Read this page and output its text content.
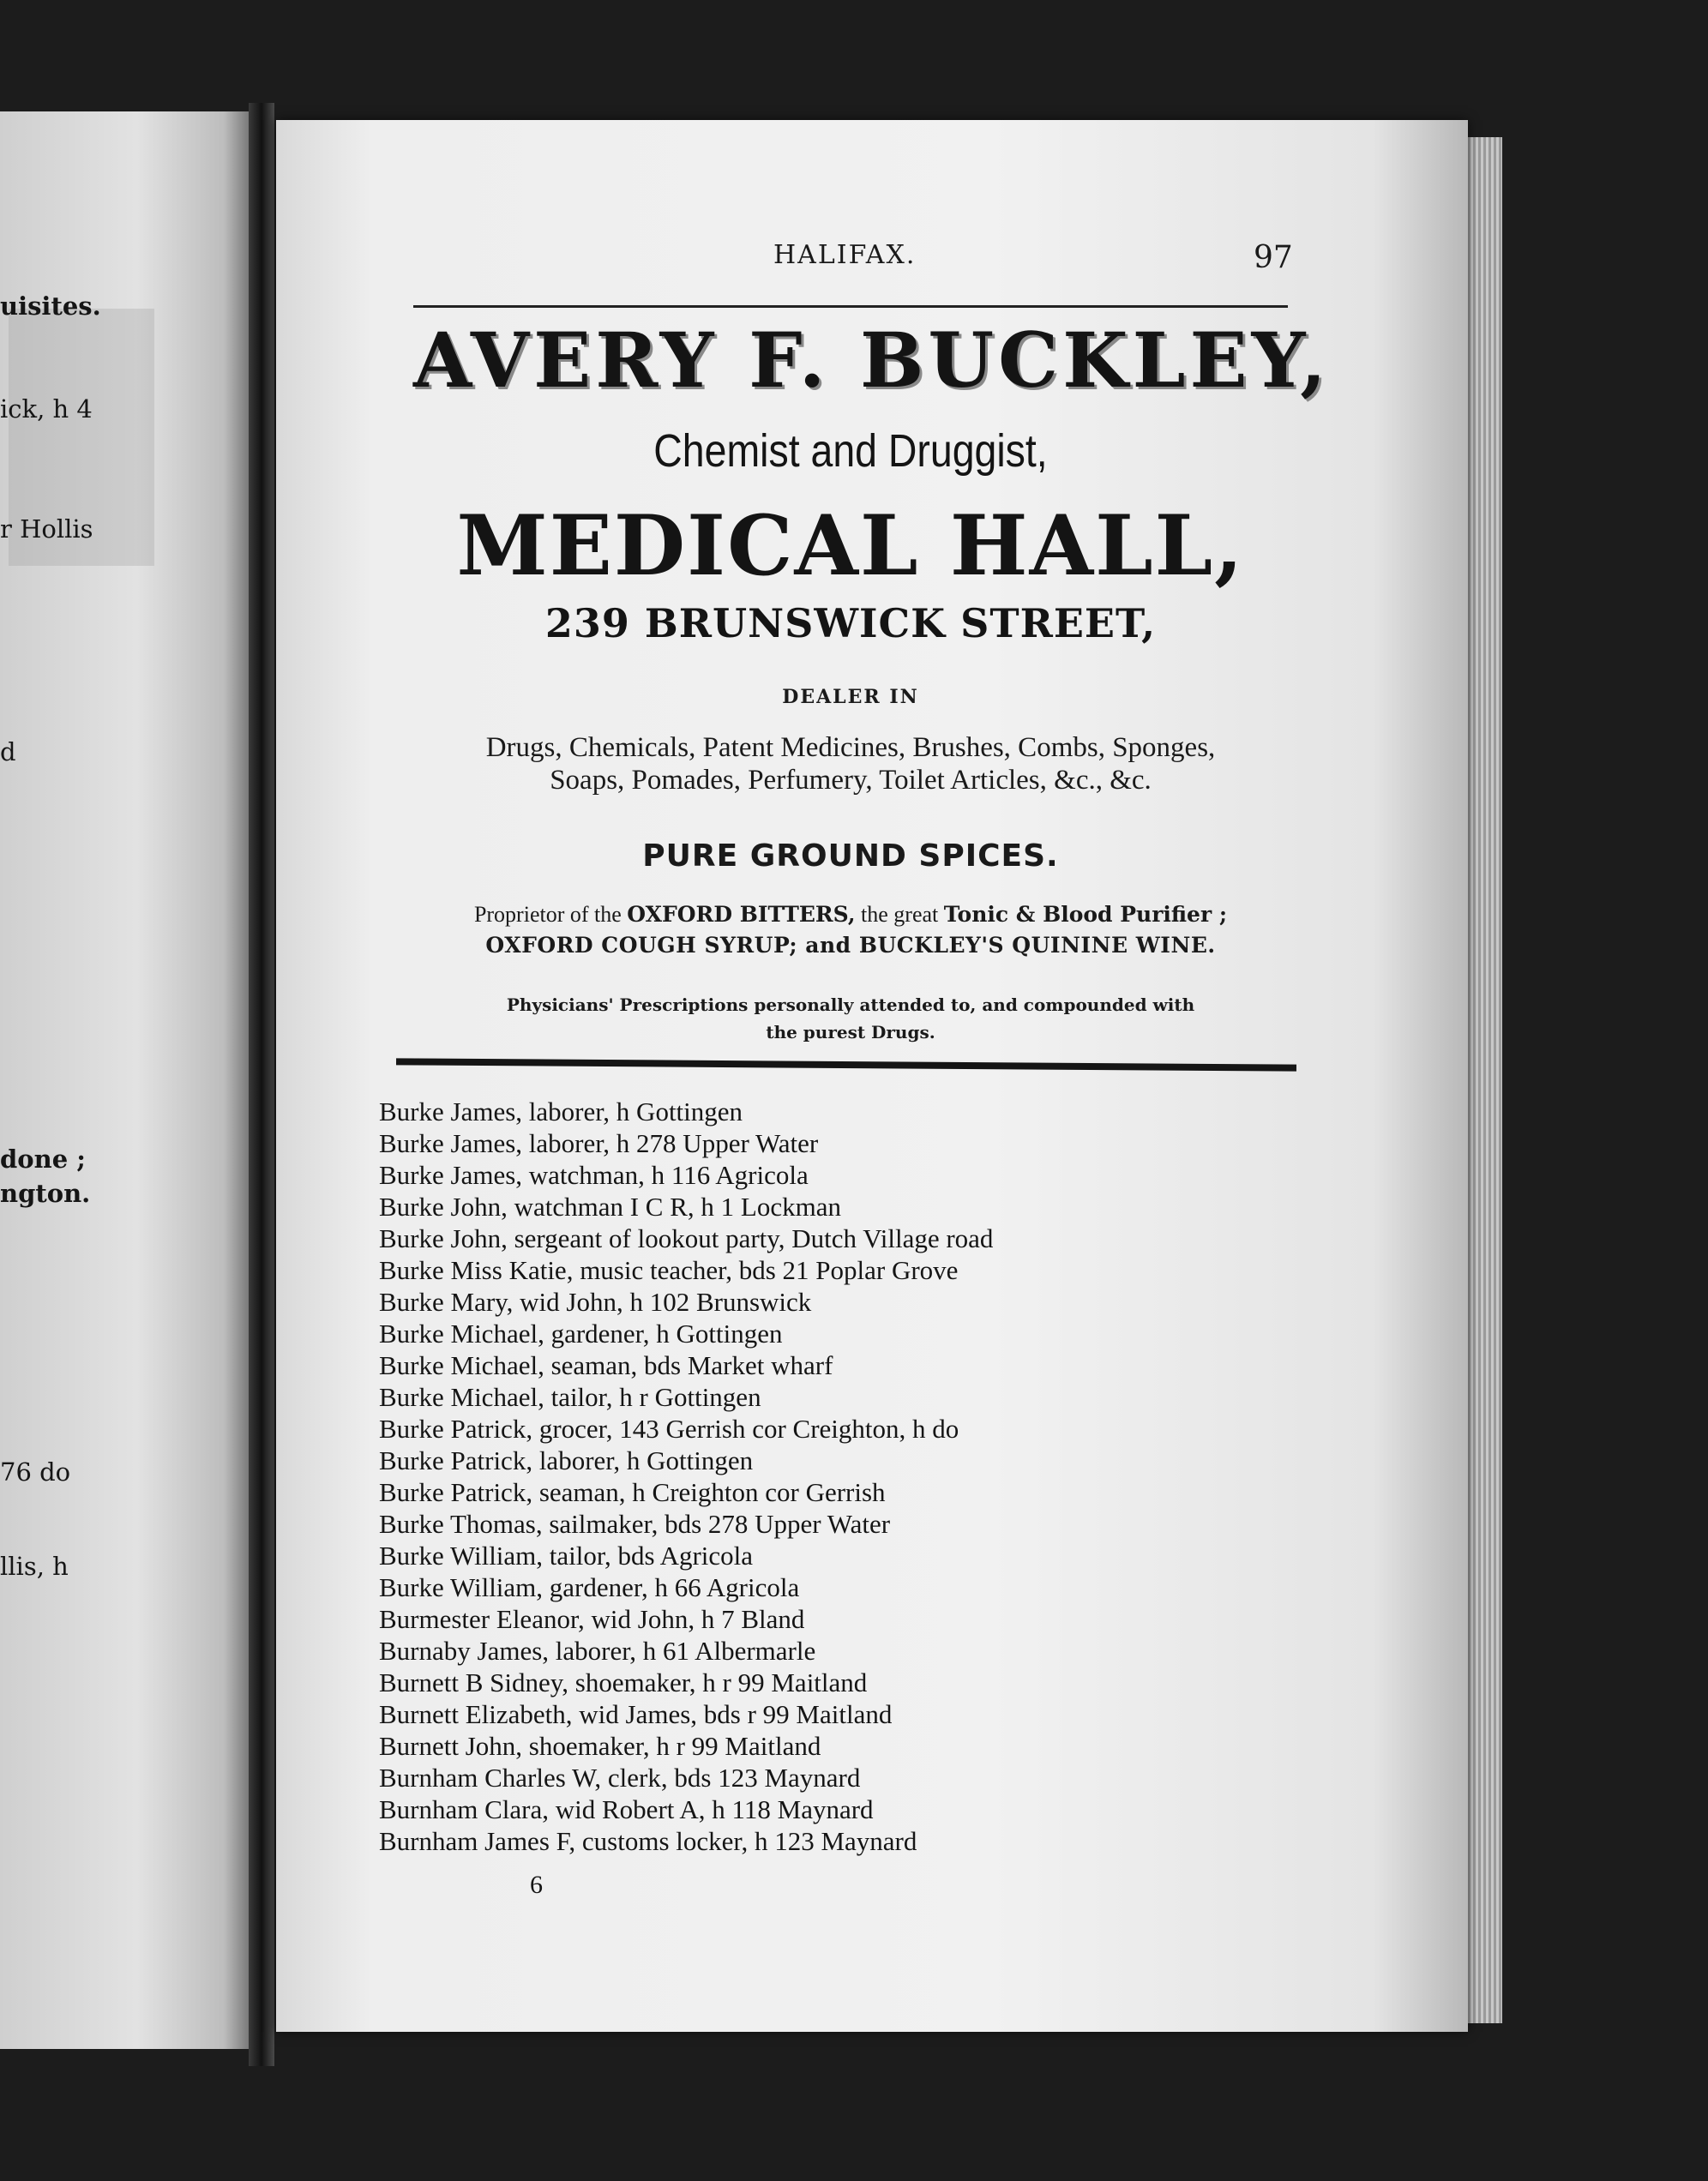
uisites.
ick, h 4
r Hollis
d
done ;
ngton.
76 do
llis, h
HALIFAX.	97
AVERY F. BUCKLEY,
Chemist and Druggist,
MEDICAL HALL,
239 BRUNSWICK STREET,
DEALER IN
Drugs, Chemicals, Patent Medicines, Brushes, Combs, Sponges,
Soaps, Pomades, Perfumery, Toilet Articles, &c., &c.
PURE GROUND SPICES.
Proprietor of the OXFORD BITTERS, the great Tonic & Blood Purifier ;
OXFORD COUGH SYRUP; and BUCKLEY'S QUININE WINE.
Physicians' Prescriptions personally attended to, and compounded with
the purest Drugs.
Burke James, laborer, h Gottingen
Burke James, laborer, h 278 Upper Water
Burke James, watchman, h 116 Agricola
Burke John, watchman I C R, h 1 Lockman
Burke John, sergeant of lookout party, Dutch Village road
Burke Miss Katie, music teacher, bds 21 Poplar Grove
Burke Mary, wid John, h 102 Brunswick
Burke Michael, gardener, h Gottingen
Burke Michael, seaman, bds Market wharf
Burke Michael, tailor, h r Gottingen
Burke Patrick, grocer, 143 Gerrish cor Creighton, h do
Burke Patrick, laborer, h Gottingen
Burke Patrick, seaman, h Creighton cor Gerrish
Burke Thomas, sailmaker, bds 278 Upper Water
Burke William, tailor, bds Agricola
Burke William, gardener, h 66 Agricola
Burmester Eleanor, wid John, h 7 Bland
Burnaby James, laborer, h 61 Albermarle
Burnett B Sidney, shoemaker, h r 99 Maitland
Burnett Elizabeth, wid James, bds r 99 Maitland
Burnett John, shoemaker, h r 99 Maitland
Burnham Charles W, clerk, bds 123 Maynard
Burnham Clara, wid Robert A, h 118 Maynard
Burnham James F, customs locker, h 123 Maynard
6
